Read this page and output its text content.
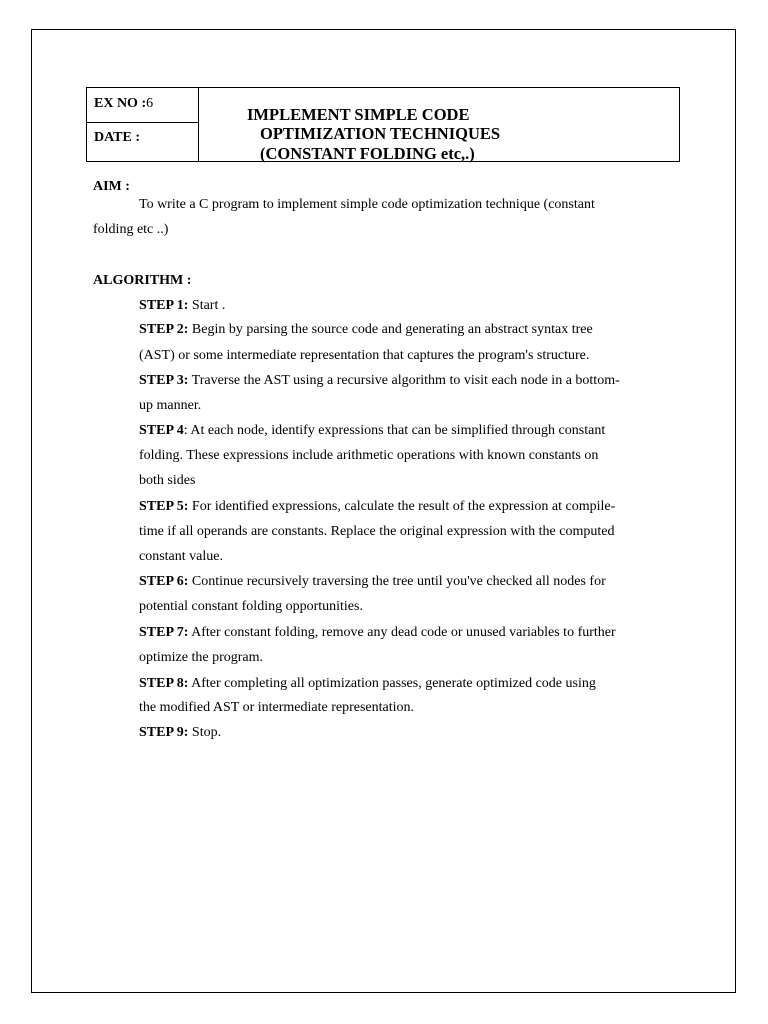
EX NO :6
DATE :
IMPLEMENT SIMPLE CODE
OPTIMIZATION TECHNIQUES
(CONSTANT FOLDING etc,.)
AIM :
To write a C program to implement simple code optimization technique (constant
folding etc ..)
ALGORITHM :
STEP 1: Start .
STEP 2: Begin by parsing the source code and generating an abstract syntax tree
(AST) or some intermediate representation that captures the program's structure.
STEP 3: Traverse the AST using a recursive algorithm to visit each node in a bottom-
up manner.
STEP 4: At each node, identify expressions that can be simplified through constant
folding. These expressions include arithmetic operations with known constants on
both sides
STEP 5: For identified expressions, calculate the result of the expression at compile-
time if all operands are constants. Replace the original expression with the computed
constant value.
STEP 6: Continue recursively traversing the tree until you've checked all nodes for
potential constant folding opportunities.
STEP 7: After constant folding, remove any dead code or unused variables to further
optimize the program.
STEP 8: After completing all optimization passes, generate optimized code using
the modified AST or intermediate representation.
STEP 9: Stop.
